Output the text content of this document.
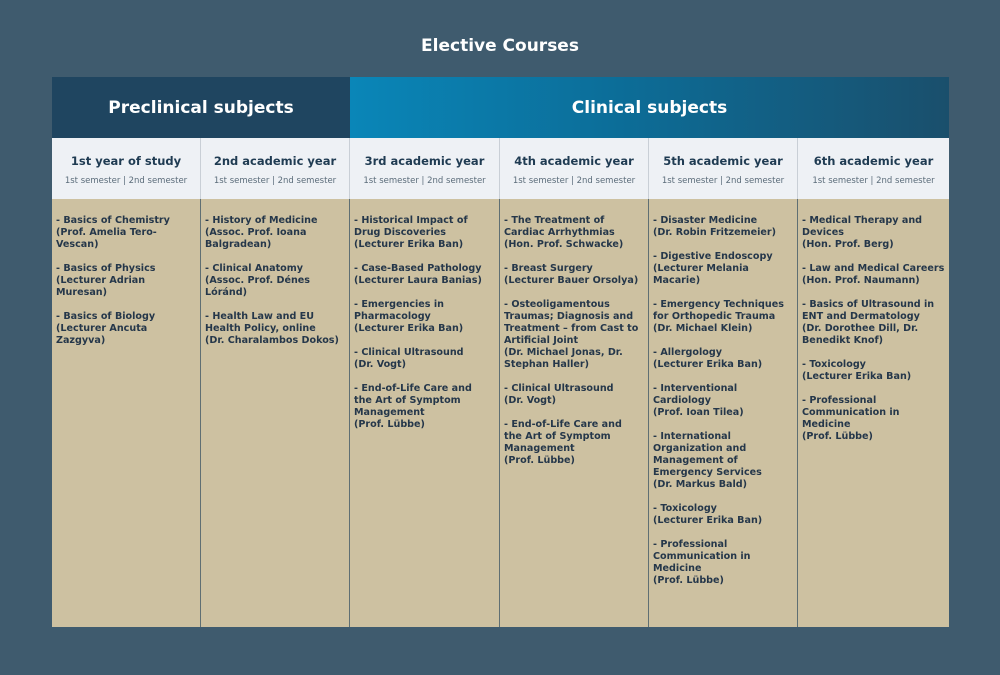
Elective Courses
Preclinical subjects	Clinical subjects
1st year of study
1st semester | 2nd semester
2nd academic year
1st semester | 2nd semester
3rd academic year
1st semester | 2nd semester
4th academic year
1st semester | 2nd semester
5th academic year
1st semester | 2nd semester
6th academic year
1st semester | 2nd semester
- Basics of Chemistry
(Prof. Amelia Tero-
Vescan)
- Basics of Physics
(Lecturer Adrian Muresan)
- Basics of Biology
(Lecturer Ancuta
Zazgyva)
- History of Medicine
(Assoc. Prof. Ioana
Balgradean)
- Clinical Anatomy
(Assoc. Prof. Dénes
Lóránd)
- Health Law and EU
Health Policy, online
(Dr. Charalambos Dokos)
- Historical Impact of
Drug Discoveries
(Lecturer Erika Ban)
- Case-Based Pathology
(Lecturer Laura Banias)
- Emergencies in
Pharmacology
(Lecturer Erika Ban)
- Clinical Ultrasound
(Dr. Vogt)
- End-of-Life Care and
the Art of Symptom
Management
(Prof. Lübbe)
- The Treatment of
Cardiac Arrhythmias
(Hon. Prof. Schwacke)
- Breast Surgery
(Lecturer Bauer Orsolya)
- Osteoligamentous
Traumas; Diagnosis and
Treatment – from Cast to
Artificial Joint
(Dr. Michael Jonas, Dr.
Stephan Haller)
- Clinical Ultrasound
(Dr. Vogt)
- End-of-Life Care and
the Art of Symptom
Management
(Prof. Lübbe)
- Disaster Medicine
(Dr. Robin Fritzemeier)
- Digestive Endoscopy
(Lecturer Melania
Macarie)
- Emergency Techniques
for Orthopedic Trauma
(Dr. Michael Klein)
- Allergology
(Lecturer Erika Ban)
- Interventional
Cardiology
(Prof. Ioan Tilea)
- International
Organization and
Management of
Emergency Services
(Dr. Markus Bald)
- Toxicology
(Lecturer Erika Ban)
- Professional
Communication in
Medicine
(Prof. Lübbe)
- Medical Therapy and
Devices
(Hon. Prof. Berg)
- Law and Medical Careers
(Hon. Prof. Naumann)
- Basics of Ultrasound in
ENT and Dermatology
(Dr. Dorothee Dill, Dr.
Benedikt Knof)
- Toxicology
(Lecturer Erika Ban)
- Professional
Communication in
Medicine
(Prof. Lübbe)
